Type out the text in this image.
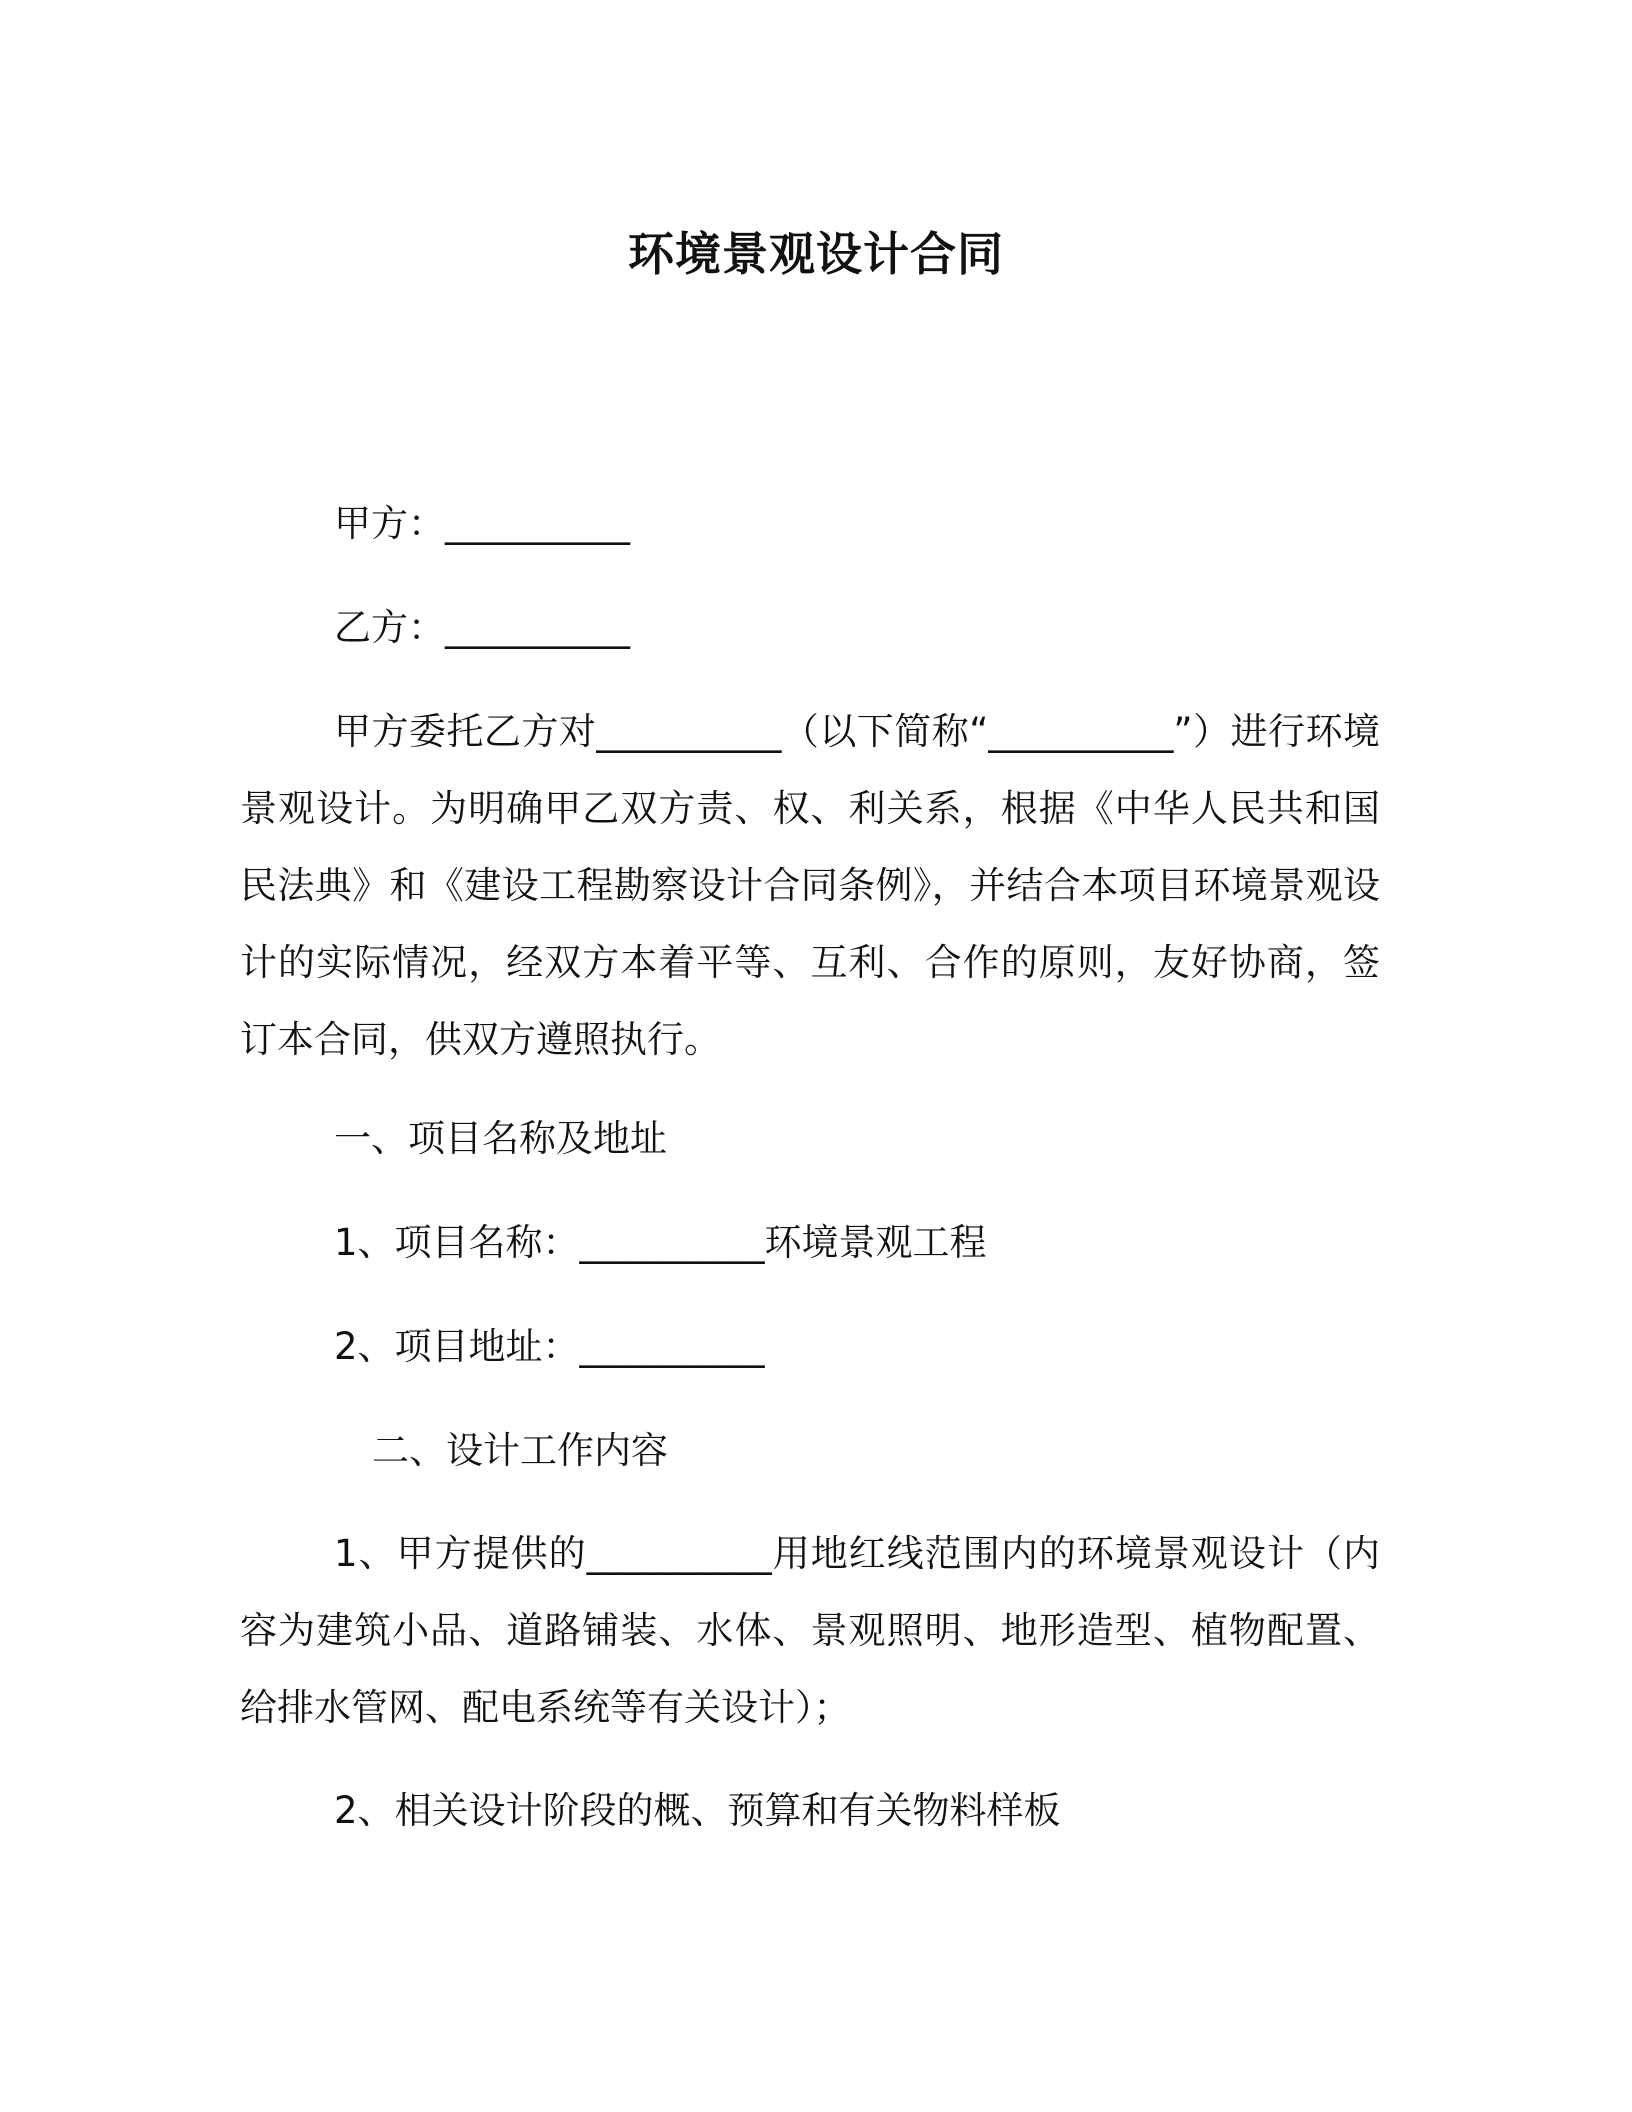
环境景观设计合同
甲方：__________
乙方：__________

甲方委托乙方对__________（以下简称“__________”）进行环境景观设计。为明确甲乙双方责、权、利关系，根据《中华人民共和国民法典》和《建设工程勘察设计合同条例》，并结合本项目环境景观设计的实际情况，经双方本着平等、互利、合作的原则，友好协商，签订本合同，供双方遵照执行。

一、项目名称及地址
1、项目名称：__________环境景观工程
2、项目地址：__________
二、设计工作内容

1、甲方提供的__________用地红线范围内的环境景观设计（内容为建筑小品、道路铺装、水体、景观照明、地形造型、植物配置、给排水管网、配电系统等有关设计）；

2、相关设计阶段的概、预算和有关物料样板
